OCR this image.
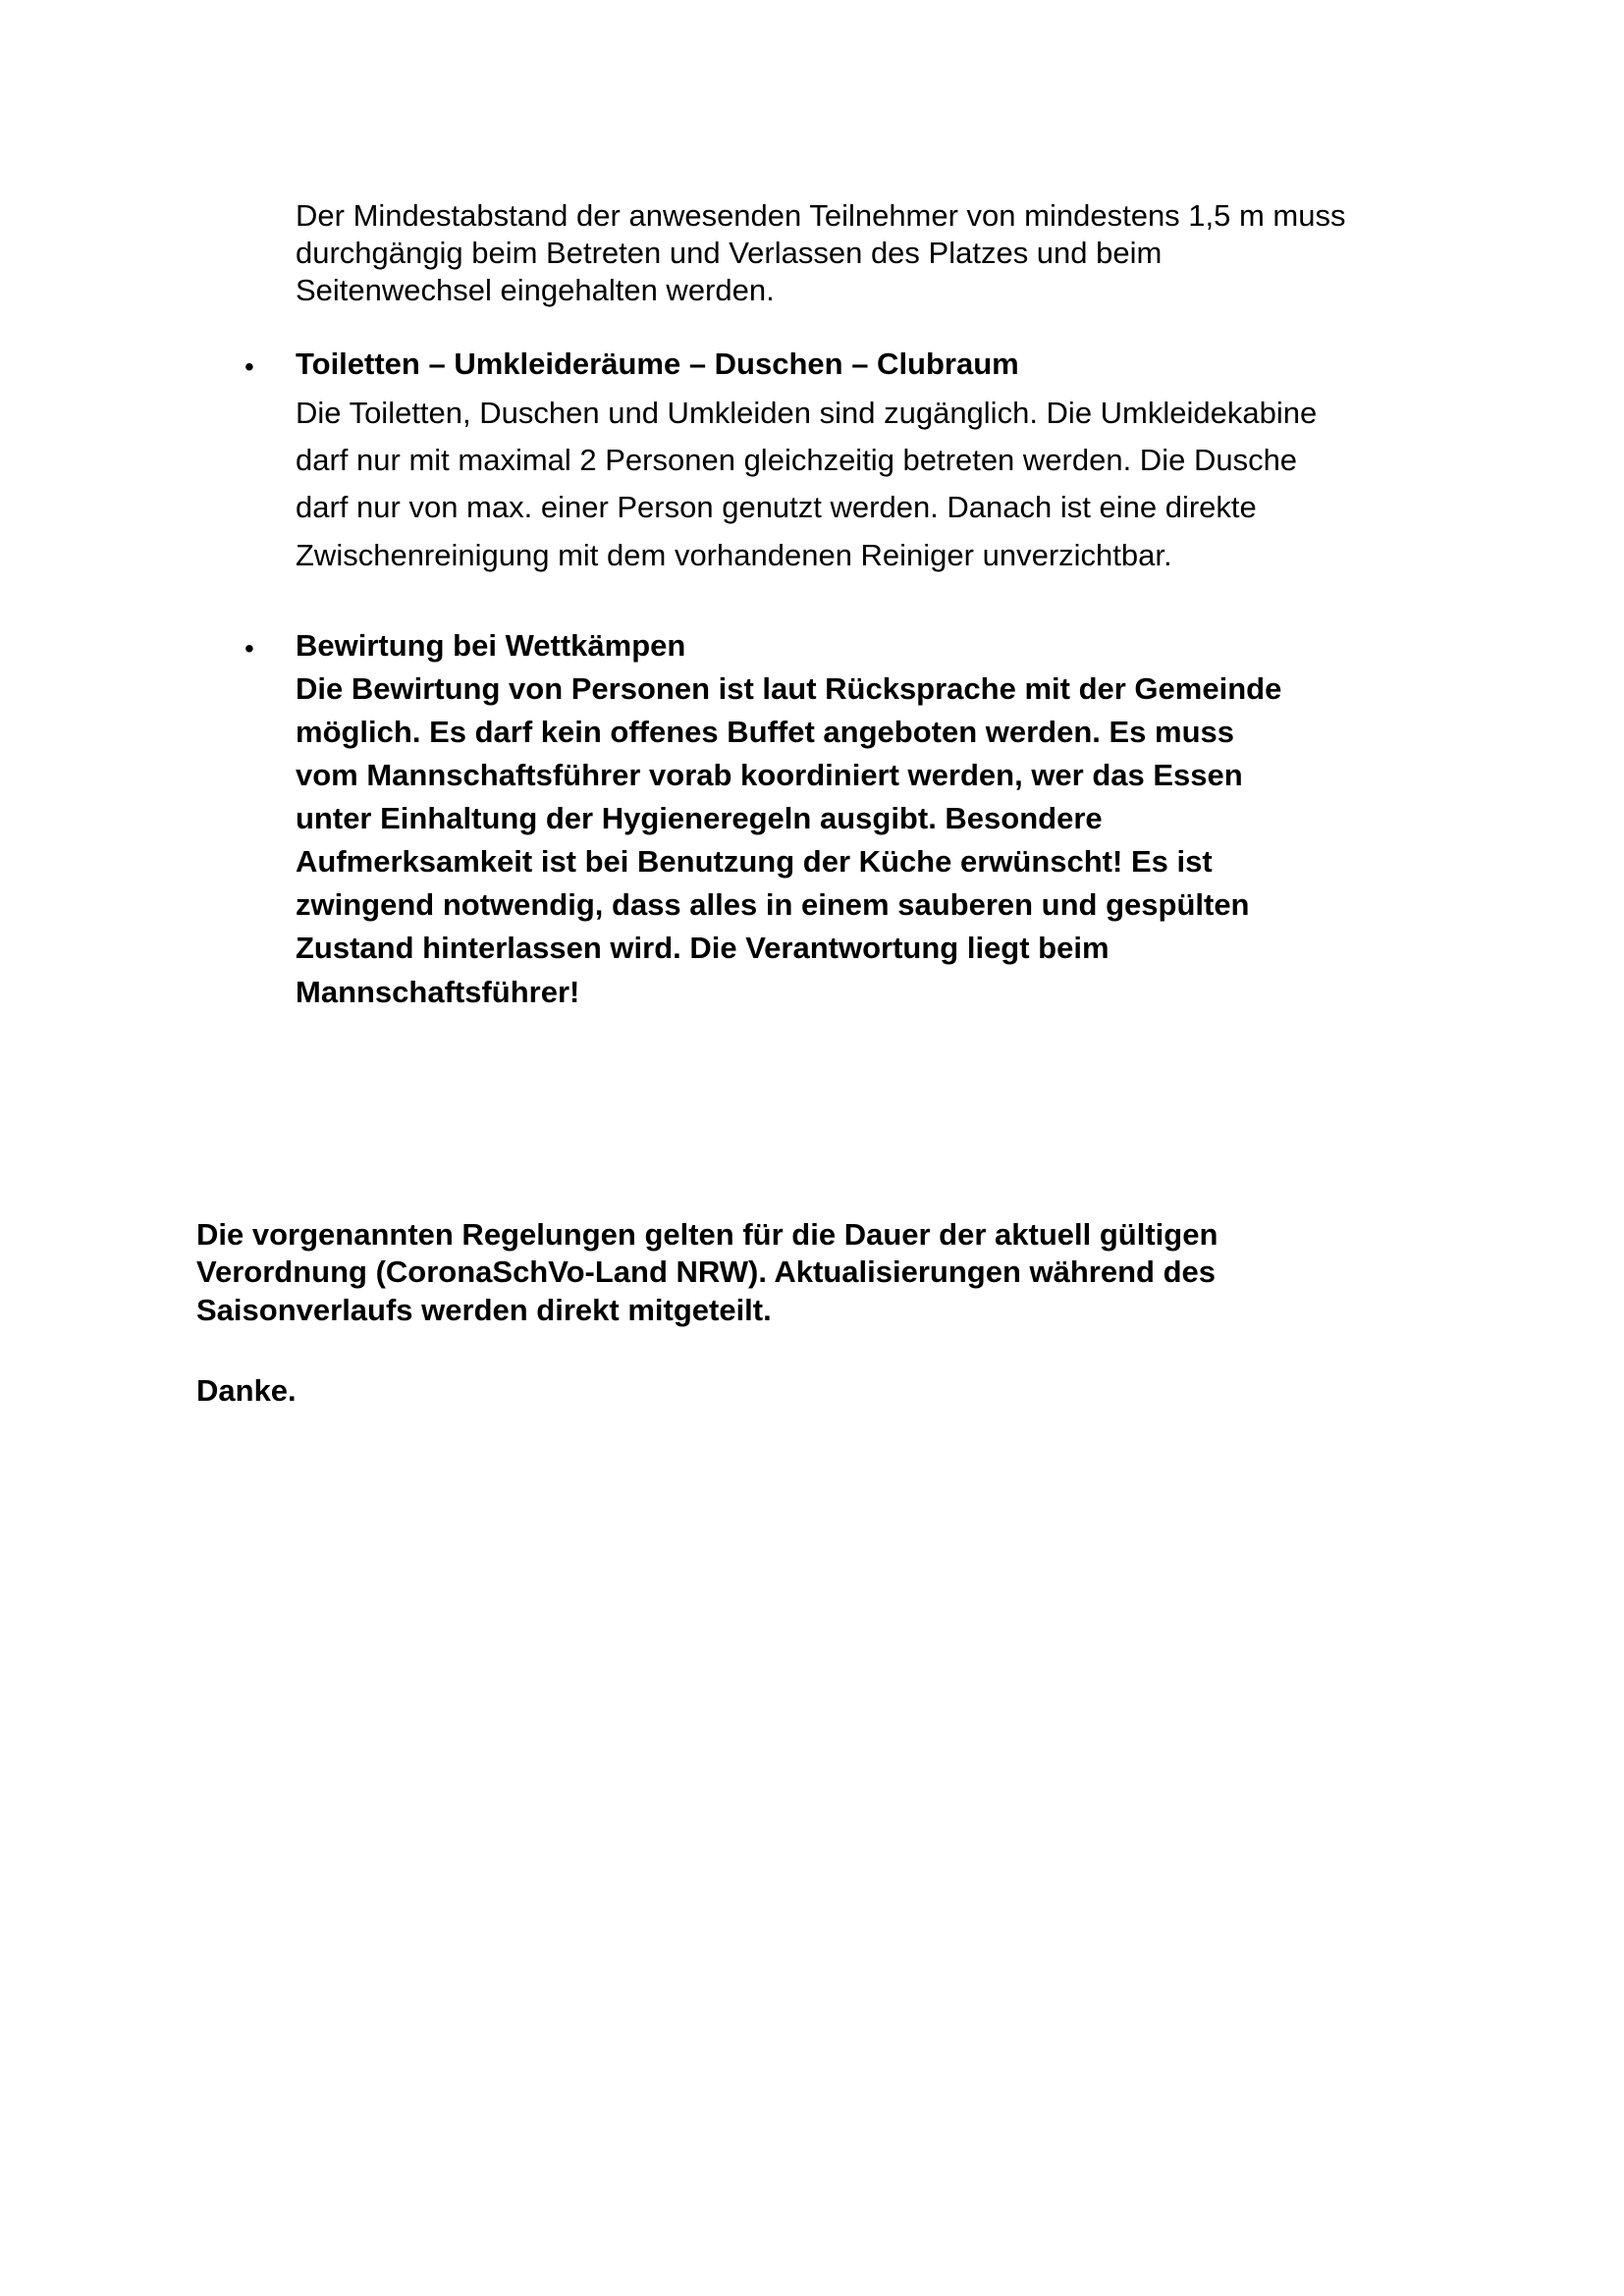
Der Mindestabstand der anwesenden Teilnehmer von mindestens 1,5 m muss

durchgängig beim Betreten und Verlassen des Platzes und beim

Seitenwechsel eingehalten werden.

• Toiletten – Umkleideräume – Duschen – Clubraum

Die Toiletten, Duschen und Umkleiden sind zugänglich. Die Umkleidekabine

darf nur mit maximal 2 Personen gleichzeitig betreten werden. Die Dusche

darf nur von max. einer Person genutzt werden. Danach ist eine direkte

Zwischenreinigung mit dem vorhandenen Reiniger unverzichtbar.

• Bewirtung bei Wettkämpen

Die Bewirtung von Personen ist laut Rücksprache mit der Gemeinde

möglich. Es darf kein offenes Buffet angeboten werden. Es muss

vom Mannschaftsführer vorab koordiniert werden, wer das Essen

unter Einhaltung der Hygieneregeln ausgibt. Besondere

Aufmerksamkeit ist bei Benutzung der Küche erwünscht! Es ist

zwingend notwendig, dass alles in einem sauberen und gespülten

Zustand hinterlassen wird. Die Verantwortung liegt beim

Mannschaftsführer!

Die vorgenannten Regelungen gelten für die Dauer der aktuell gültigen

Verordnung (CoronaSchVo-Land NRW). Aktualisierungen während des

Saisonverlaufs werden direkt mitgeteilt.

Danke.
